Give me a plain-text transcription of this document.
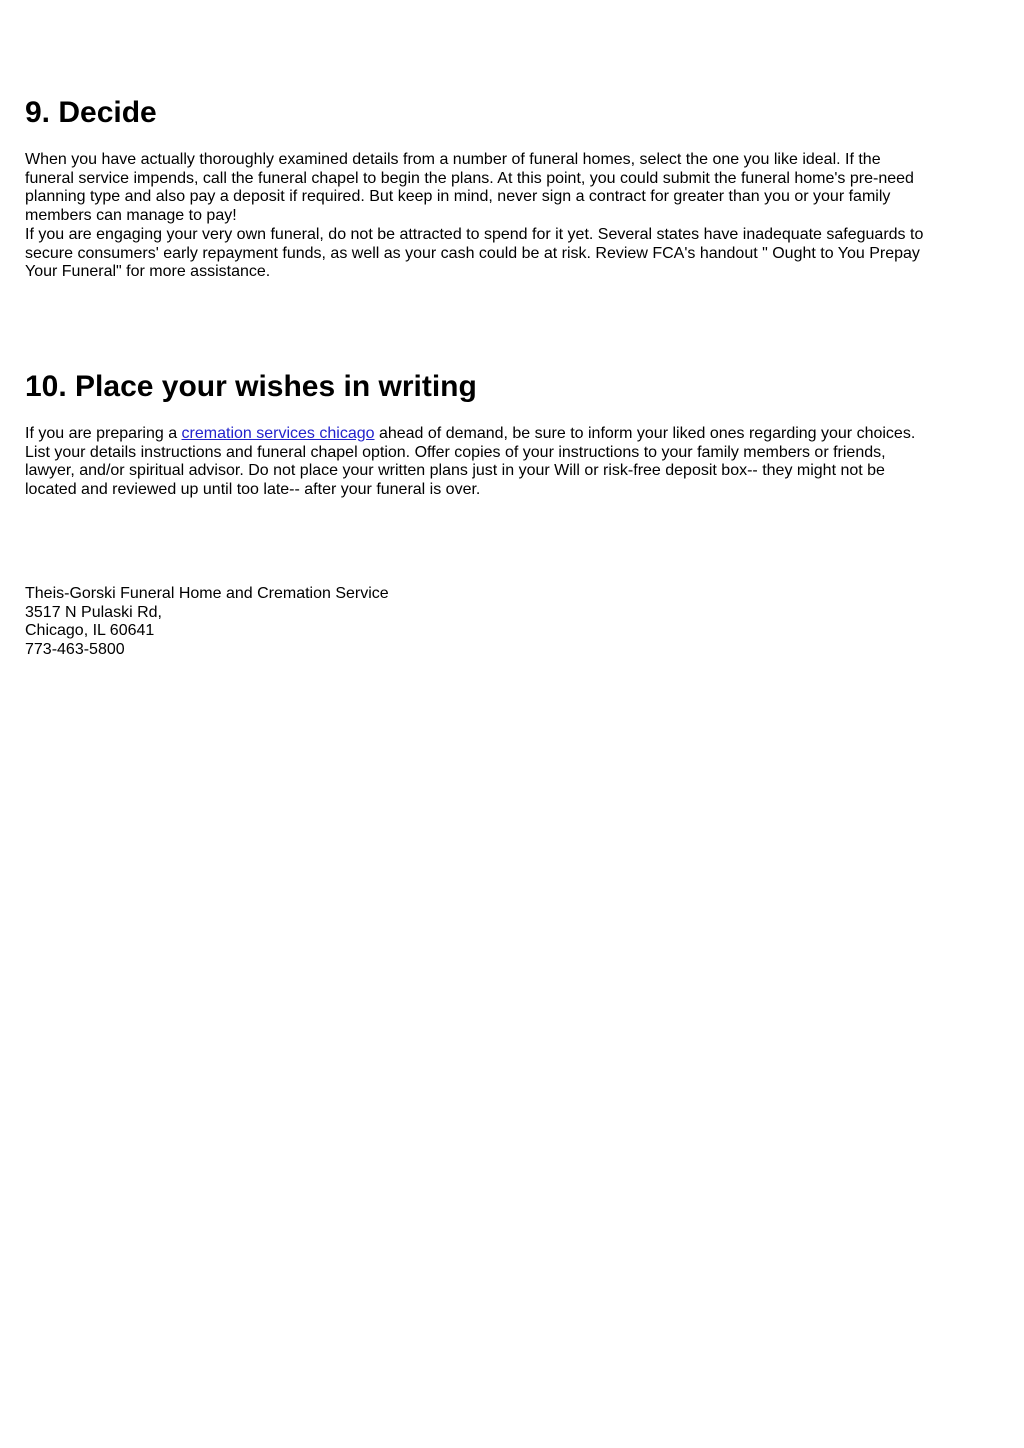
9. Decide

When you have actually thoroughly examined details from a number of funeral homes, select the one you like ideal. If the
funeral service impends, call the funeral chapel to begin the plans. At this point, you could submit the funeral home's pre-need
planning type and also pay a deposit if required. But keep in mind, never sign a contract for greater than you or your family
members can manage to pay!
If you are engaging your very own funeral, do not be attracted to spend for it yet. Several states have inadequate safeguards to
secure consumers' early repayment funds, as well as your cash could be at risk. Review FCA's handout " Ought to You Prepay
Your Funeral" for more assistance.

10. Place your wishes in writing

If you are preparing a cremation services chicago ahead of demand, be sure to inform your liked ones regarding your choices.
List your details instructions and funeral chapel option. Offer copies of your instructions to your family members or friends,
lawyer, and/or spiritual advisor. Do not place your written plans just in your Will or risk-free deposit box-- they might not be
located and reviewed up until too late-- after your funeral is over.

Theis-Gorski Funeral Home and Cremation Service
3517 N Pulaski Rd,
Chicago, IL 60641
773-463-5800
